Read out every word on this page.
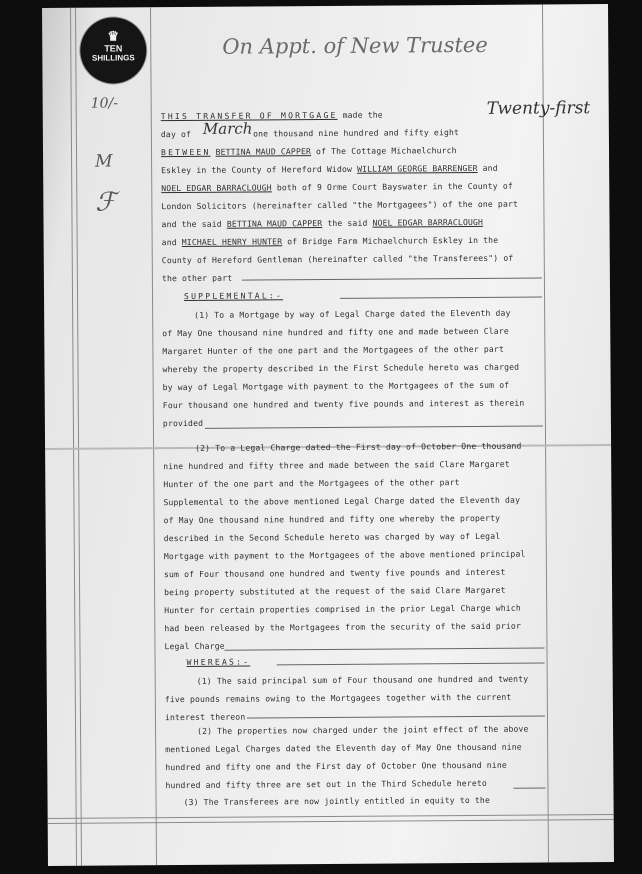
♛
TEN
SHILLINGS	On Appt. of New Trustee
10/-
M
ℱ
Twenty-first
March
THIS TRANSFER OF MORTGAGE made the
day of	one thousand nine hundred and fifty eight
BETWEEN BETTINA MAUD CAPPER of The Cottage Michaelchurch
Eskley in the County of Hereford Widow WILLIAM GEORGE BARRENGER and
NOEL EDGAR BARRACLOUGH both of 9 Orme Court Bayswater in the County of
London Solicitors (hereinafter called "the Mortgagees") of the one part
and the said BETTINA MAUD CAPPER the said NOEL EDGAR BARRACLOUGH
and MICHAEL HENRY HUNTER of Bridge Farm Michaelchurch Eskley in the
County of Hereford Gentleman (hereinafter called "the Transferees") of
the other part
SUPPLEMENTAL:-
(1) To a Mortgage by way of Legal Charge dated the Eleventh day
of May One thousand nine hundred and fifty one and made between Clare
Margaret Hunter of the one part and the Mortgagees of the other part
whereby the property described in the First Schedule hereto was charged
by way of Legal Mortgage with payment to the Mortgagees of the sum of
Four thousand one hundred and twenty five pounds and interest as therein
provided
(2) To a Legal Charge dated the First day of October One thousand
nine hundred and fifty three and made between the said Clare Margaret
Hunter of the one part and the Mortgagees of the other part
Supplemental to the above mentioned Legal Charge dated the Eleventh day
of May One thousand nine hundred and fifty one whereby the property
described in the Second Schedule hereto was charged by way of Legal
Mortgage with payment to the Mortgagees of the above mentioned principal
sum of Four thousand one hundred and twenty five pounds and interest
being property substituted at the request of the said Clare Margaret
Hunter for certain properties comprised in the prior Legal Charge which
had been released by the Mortgagees from the security of the said prior
Legal Charge
WHEREAS:-
(1) The said principal sum of Four thousand one hundred and twenty
five pounds remains owing to the Mortgagees together with the current
interest thereon
(2) The properties now charged under the joint effect of the above
mentioned Legal Charges dated the Eleventh day of May One thousand nine
hundred and fifty one and the First day of October One thousand nine
hundred and fifty three are set out in the Third Schedule hereto
(3) The Transferees are now jointly entitled in equity to the
